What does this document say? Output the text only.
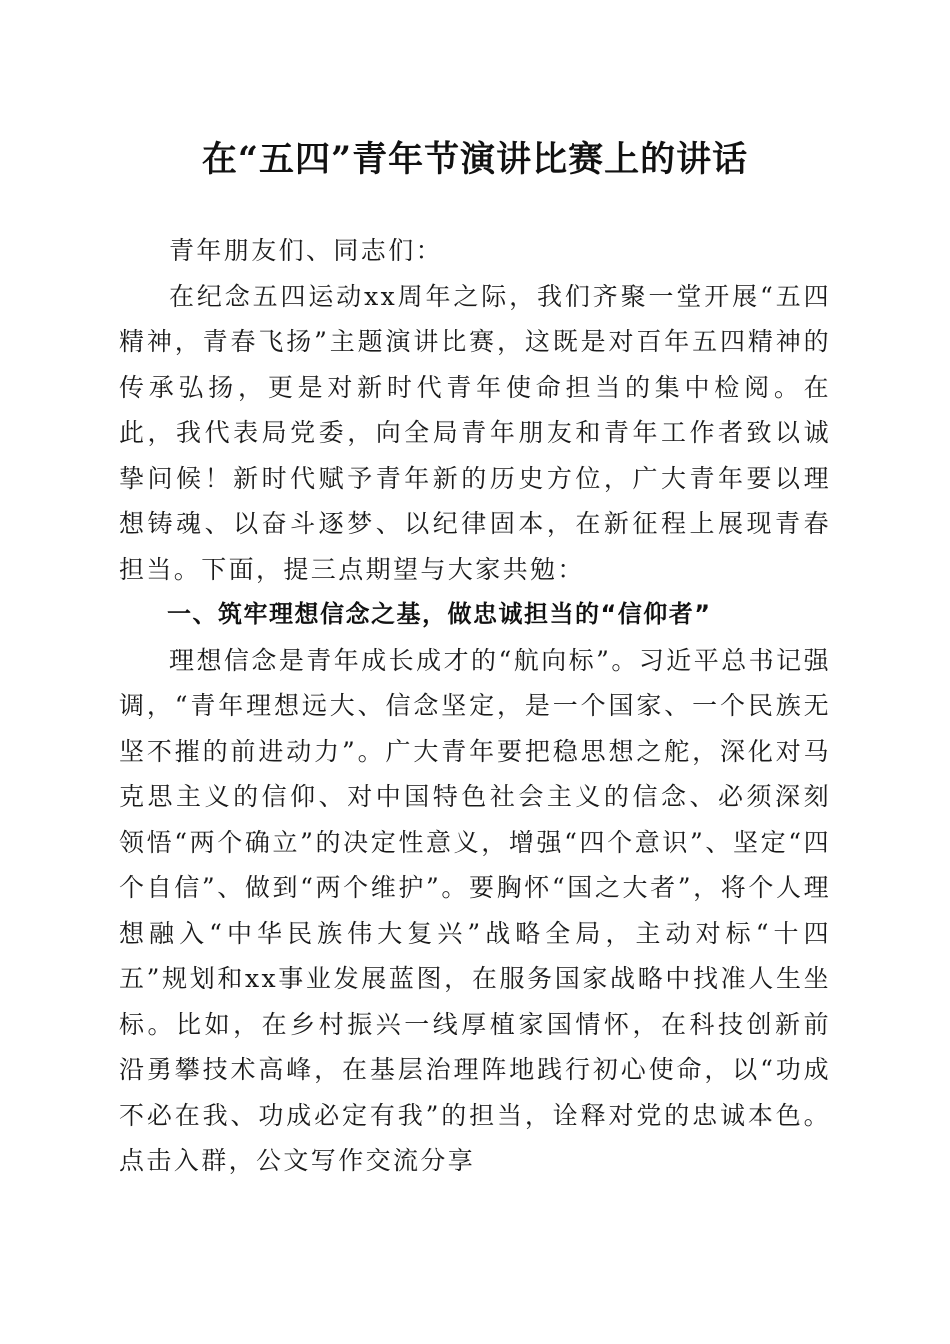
在“五四”青年节演讲比赛上的讲话

青年朋友们、同志们：

在纪念五四运动xx周年之际，我们齐聚一堂开展“五四精神，青春飞扬”主题演讲比赛，这既是对百年五四精神的传承弘扬，更是对新时代青年使命担当的集中检阅。在此，我代表局党委，向全局青年朋友和青年工作者致以诚挚问候！新时代赋予青年新的历史方位，广大青年要以理想铸魂、以奋斗逐梦、以纪律固本，在新征程上展现青春担当。下面，提三点期望与大家共勉：

一、筑牢理想信念之基，做忠诚担当的“信仰者”

理想信念是青年成长成才的“航向标”。习近平总书记强调，“青年理想远大、信念坚定，是一个国家、一个民族无坚不摧的前进动力”。广大青年要把稳思想之舵，深化对马克思主义的信仰、对中国特色社会主义的信念、必须深刻领悟“两个确立”的决定性意义，增强“四个意识”、坚定“四个自信”、做到“两个维护”。要胸怀“国之大者”，将个人理想融入“中华民族伟大复兴”战略全局，主动对标“十四五”规划和xx事业发展蓝图，在服务国家战略中找准人生坐标。比如，在乡村振兴一线厚植家国情怀，在科技创新前沿勇攀技术高峰，在基层治理阵地践行初心使命，以“功成不必在我、功成必定有我”的担当，诠释对党的忠诚本色。点击入群，公文写作交流分享
